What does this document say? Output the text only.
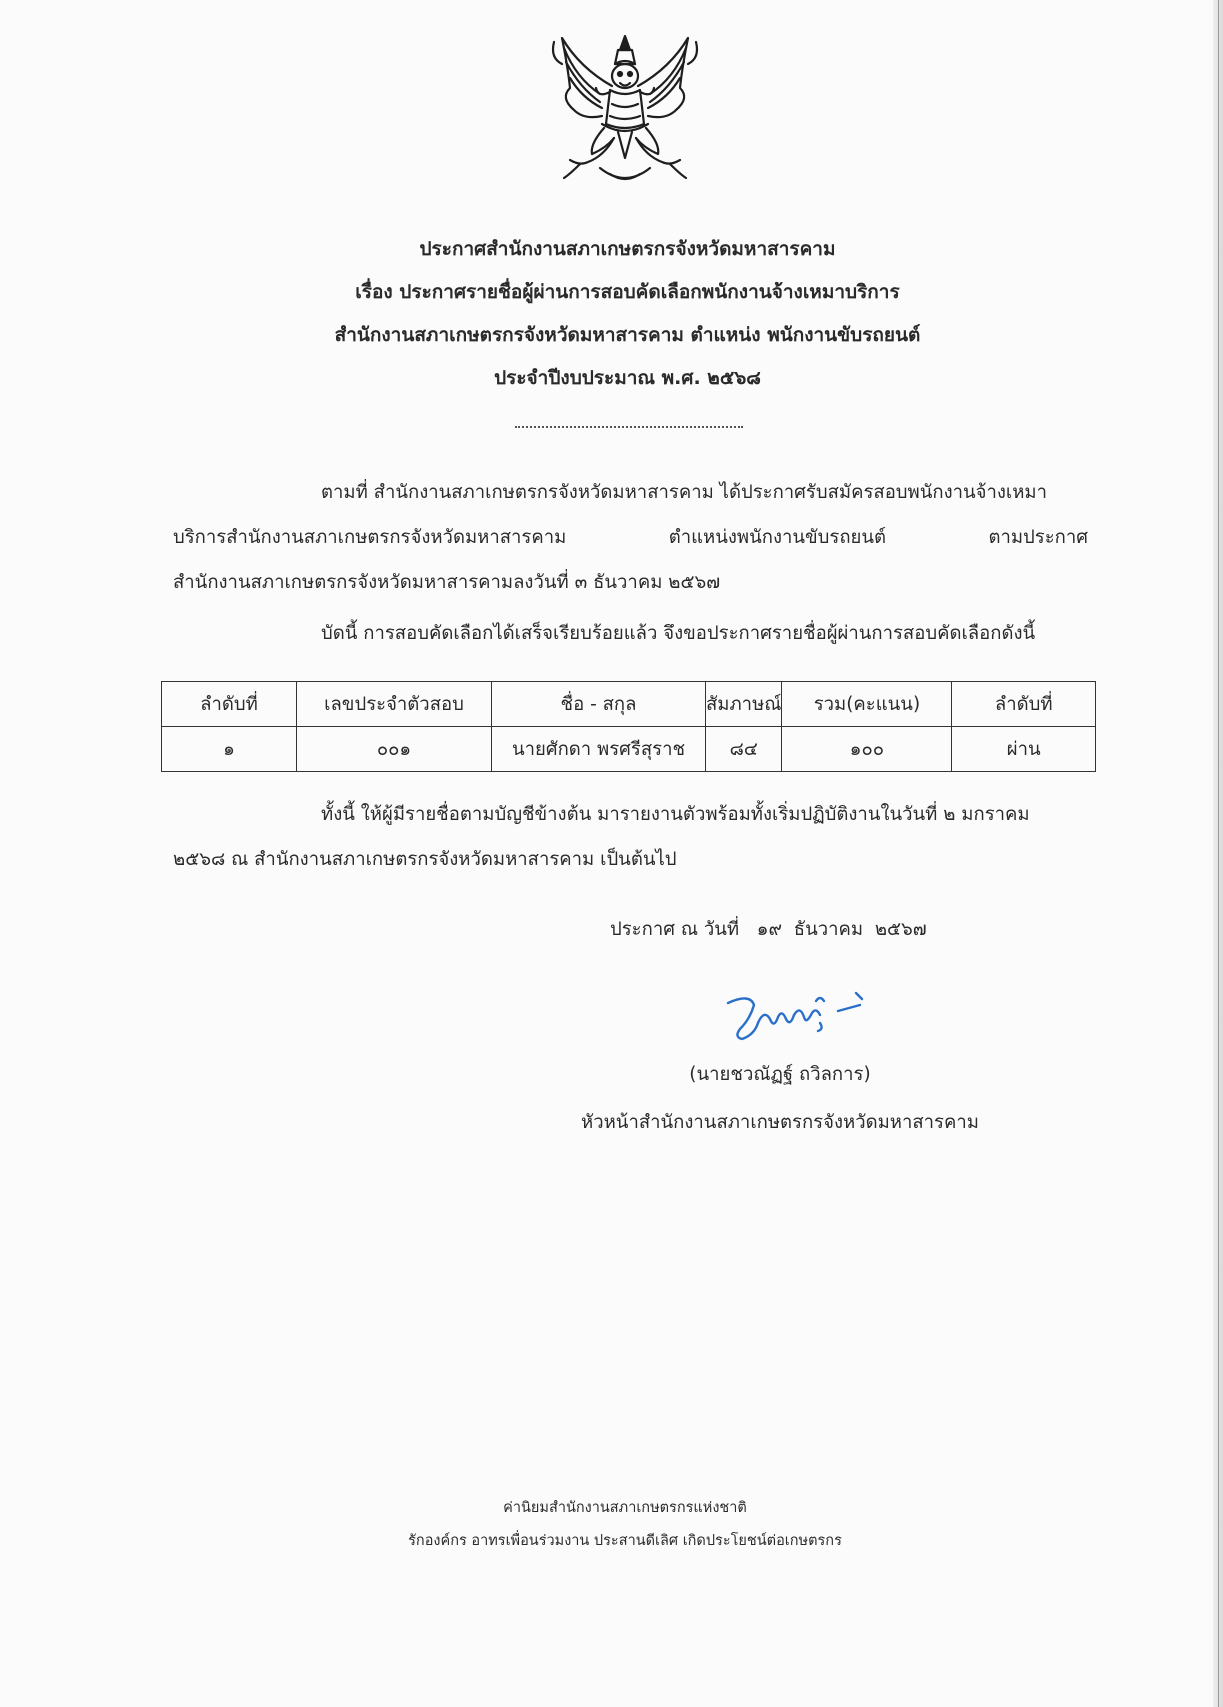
ประกาศสำนักงานสภาเกษตรกรจังหวัดมหาสารคาม
เรื่อง ประกาศรายชื่อผู้ผ่านการสอบคัดเลือกพนักงานจ้างเหมาบริการ
สำนักงานสภาเกษตรกรจังหวัดมหาสารคาม ตำแหน่ง พนักงานขับรถยนต์
ประจำปีงบประมาณ พ.ศ. ๒๕๖๘
ตามที่ สำนักงานสภาเกษตรกรจังหวัดมหาสารคาม ได้ประกาศรับสมัครสอบพนักงานจ้างเหมา
บริการสำนักงานสภาเกษตรกรจังหวัดมหาสารคาม ตำแหน่งพนักงานขับรถยนต์ ตามประกาศ
สำนักงานสภาเกษตรกรจังหวัดมหาสารคามลงวันที่ ๓ ธันวาคม ๒๕๖๗
บัดนี้ การสอบคัดเลือกได้เสร็จเรียบร้อยแล้ว จึงขอประกาศรายชื่อผู้ผ่านการสอบคัดเลือกดังนี้
ลำดับที่	เลขประจำตัวสอบ	ชื่อ - สกุล	สัมภาษณ์	รวม(คะแนน)	ลำดับที่
๑	๐๐๑	นายศักดา พรศรีสุราช	๘๔	๑๐๐	ผ่าน
ทั้งนี้ ให้ผู้มีรายชื่อตามบัญชีข้างต้น มารายงานตัวพร้อมทั้งเริ่มปฏิบัติงานในวันที่ ๒ มกราคม
๒๕๖๘ ณ สำนักงานสภาเกษตรกรจังหวัดมหาสารคาม เป็นต้นไป
ประกาศ ณ วันที่   ๑๙  ธันวาคม  ๒๕๖๗
(นายชวณัฏฐ์ ถวิลการ)
หัวหน้าสำนักงานสภาเกษตรกรจังหวัดมหาสารคาม
ค่านิยมสำนักงานสภาเกษตรกรแห่งชาติ
รักองค์กร อาทรเพื่อนร่วมงาน ประสานดีเลิศ เกิดประโยชน์ต่อเกษตรกร
